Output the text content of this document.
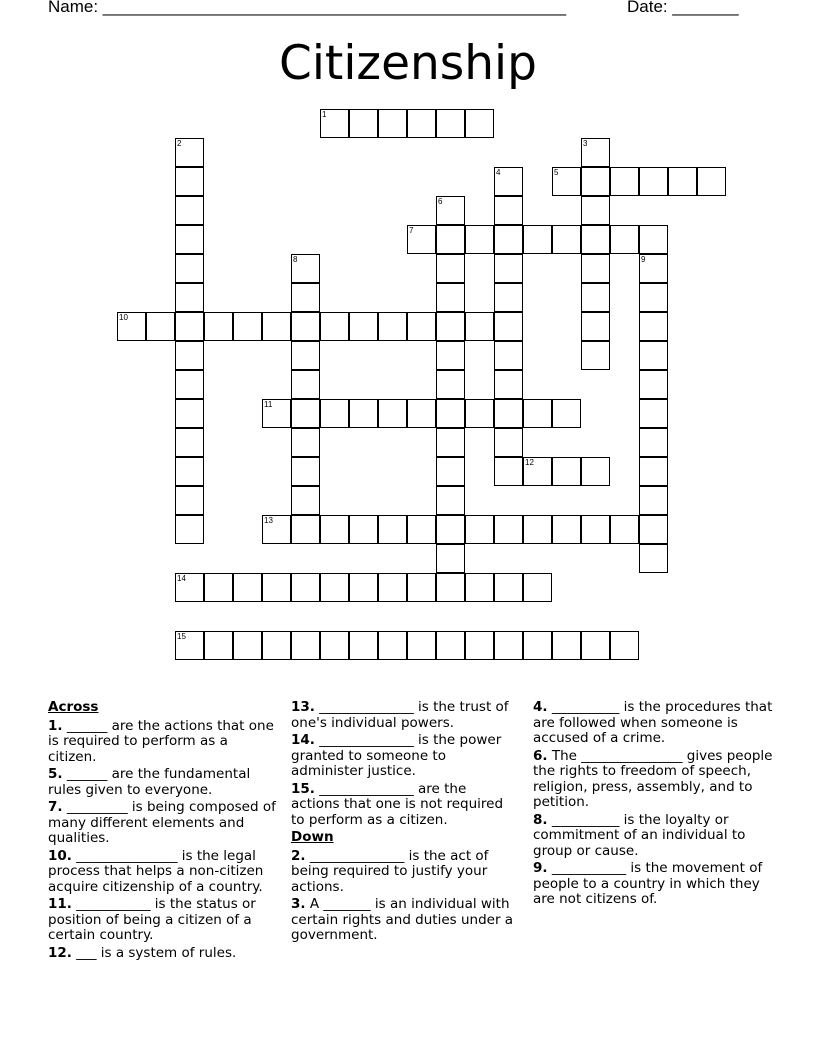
Name: _________________________________________________	Date: _______
Citizenship
1
2	3
4	5
6
7
8	9
10
11
12
13
14
15
Across
1. ______ are the actions that one is required to perform as a citizen.
5. ______ are the fundamental rules given to everyone.
7. _________ is being composed of many different elements and qualities.
10. _______________ is the legal process that helps a non-citizen acquire citizenship of a country.
11. ___________ is the status or position of being a citizen of a certain country.
12. ___ is a system of rules.
13. ______________ is the trust of one's individual powers.
14. ______________ is the power granted to someone to administer justice.
15. ______________ are the actions that one is not required to perform as a citizen.
Down
2. ______________ is the act of being required to justify your actions.
3. A _______ is an individual with certain rights and duties under a government.
4. __________ is the procedures that are followed when someone is accused of a crime.
6. The _______________ gives people the rights to freedom of speech, religion, press, assembly, and to petition.
8. __________ is the loyalty or commitment of an individual to group or cause.
9. ___________ is the movement of people to a country in which they are not citizens of.
